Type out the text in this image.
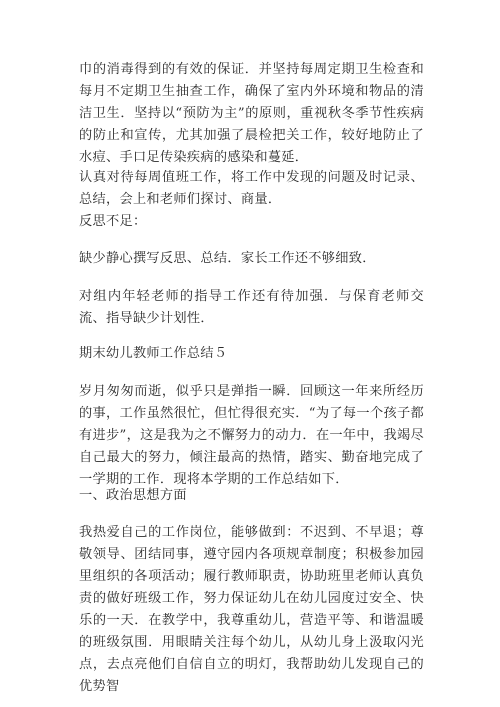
巾的消毒得到的有效的保证．并坚持每周定期卫生检查和每月不定期卫生抽查工作，确保了室内外环境和物品的清洁卫生．坚持以“预防为主”的原则，重视秋冬季节性疾病的防止和宣传，尤其加强了晨检把关工作，较好地防止了水痘、手口足传染疾病的感染和蔓延．

认真对待每周值班工作，将工作中发现的问题及时记录、总结，会上和老师们探讨、商量．

反思不足：

缺少静心撰写反思、总结．家长工作还不够细致．

对组内年轻老师的指导工作还有待加强．与保育老师交流、指导缺少计划性．

期末幼儿教师工作总结５

岁月匆匆而逝，似乎只是弹指一瞬．回顾这一年来所经历的事，工作虽然很忙，但忙得很充实．“为了每一个孩子都有进步”，这是我为之不懈努力的动力．在一年中，我竭尽自己最大的努力，倾注最高的热情，踏实、勤奋地完成了一学期的工作．现将本学期的工作总结如下．

一、政治思想方面

我热爱自己的工作岗位，能够做到：不迟到、不早退；尊敬领导、团结同事，遵守园内各项规章制度；积极参加园里组织的各项活动；履行教师职责，协助班里老师认真负责的做好班级工作，努力保证幼儿在幼儿园度过安全、快乐的一天．在教学中，我尊重幼儿，营造平等、和谐温暖的班级氛围．用眼睛关注每个幼儿，从幼儿身上汲取闪光点，去点亮他们自信自立的明灯，我帮助幼儿发现自己的优势智
